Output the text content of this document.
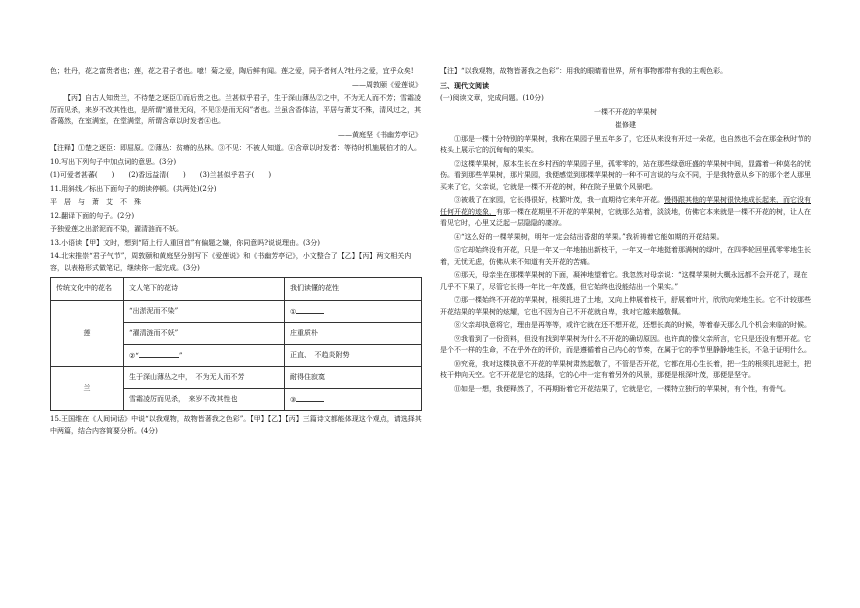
色；牡丹，花之富贵者也；莲，花之君子者也。噫！菊之爱，陶后鲜有闻。莲之爱，同予者何人?牡丹之爱，宜乎众矣!

——周敦颐《爱莲说》

【丙】自古人知贵兰，不待楚之逐臣①而后贵之也。兰甚似乎君子，生于深山薄丛②之中，不为无人而不芳；雪霜凌厉而见杀，来岁不改其性也，是所谓“遁世无闷，不见③是而无闷”者也。兰虽含香体洁，平居与萧艾不殊，清风过之，其香蔼然，在室满室，在堂满堂，所谓含章以时发者④也。

——黄庭坚《书幽芳亭记》

【注释】①楚之逐臣：即屈原。②薄丛：贫瘠的丛林。③不见：不被人知道。④含章以时发者：等待时机施展伯才的人。

10.写出下列句子中加点词的意思。(3分)

(1)可爱者甚蕃(　　)　　(2)香远益清(　　)　　(3)兰甚似乎君子(　　)

11.用斜线／标出下面句子的朗读停顿。(共两处)(2分)

平　居　与　萧　艾　不　殊

12.翻译下面的句子。(2分)

予独爱莲之出淤泥而不染，濯清涟而不妖。

13.小语读【甲】文时，想到“陌上行人重回首”有偏题之嫌，你同意吗?说说理由。(3分)

14.北宋推崇“君子气节”，周敦颐和黄庭坚分别写下《爱莲说》和《书幽芳亭记》，小文整合了【乙】【丙】两文相关内容，以表格形式做笔记，继续你一起完成。(3分)

传统文化中的花名	文人笔下的花诗	我们读懂的花性
莲	“出淤泥而不染”	①
	“濯清涟而不妖”	庄重质朴
	②“ ”	正直、　不趋炎附势
兰	生于深山薄丛之中，　不为无人而不芳	耐得住寂寞
	雪霜凌厉而见杀，　来岁不改其性也	③

15.王国维在《人间词话》中说“以我观物，故物皆著我之色彩”。【甲】【乙】【丙】三篇诗文都能体现这个观点，请选择其中两篇，结合内容简要分析。(4分)

【注】“以我观物，故物皆著我之色彩”：用我的眼睛看世界，所有事物都带有我的主观色彩。

三、现代文阅读

(一)阅读文章，完成问题。(10分)

一棵不开花的苹果树

崔修建

①那是一棵十分特别的苹果树，我称在果园子里五年多了，它还从来没有开过一朵花，也自然也不会在那金秋时节的枝头上展示它的沉甸甸的果实。

②这棵苹果树，原本生长在乡村西的苹果园子里，孤零零的，站在那些绿意旺盛的苹果树中间，显露着一种莫名的忧伤。看到那些苹果树，那片果园，我便感觉到那棵苹果树的一种不可言说的与众不同，于是我特意从乡下的那个老人那里买来了它，父亲说，它就是一棵不开花的树，种在院子里做个风景吧。

③被栽了在家园，它长得很好，枝繁叶茂，我一直期待它来年开花。慢得跟其他的苹果树很快地成长起来，而它没有任何开花的迹象，有那一棵在花期里不开花的苹果树，它就那么站着，淡淡地，仿佛它本来就是一棵不开花的树，让人在看见它时，心里又泛起一层隐隐的凄凉。

④“这么好的一棵苹果树，明年一定会结出香甜的苹果。”我祈祷着它能如期的开花结果。

⑤它却始终没有开花，只是一年又一年地抽出新枝干，一年又一年地挺着那满树的绿叶，在四季轮回里孤零零地生长着，无忧无虑，仿佛从来不知道有关开花的苦痛。

⑥那天，母亲坐在那棵苹果树的下面，凝神地望着它。我忽然对母亲说：“这棵苹果树大概永远都不会开花了，现在几乎不下果了，尽管它长得一年比一年茂盛，但它始终也没能结出一个果实。”

⑦那一棵始终不开花的苹果树，根须扎进了土地，又向上伸展着枝干，舒展着叶片，欣欣向荣地生长。它不计较那些开花结果的苹果树的炫耀，它也不因为自己不开花就自卑，我对它越来越敬佩。

⑧父亲却执意将它，理由是再等等，或许它就在还不想开花，还想长高的时候，等着春天那么几个机会来临的时候。

⑨我看到了一份资料，但没有找到苹果树为什么不开花的确切原因。也许真的像父亲所言，它只是还没有想开花。它是个不一样的生命，不在乎外在的评价，而是遵循着自己内心的节奏，在属于它的季节里静静地生长，不急于证明什么。

⑩究竟，我对这棵执意不开花的苹果树肃然起敬了，不管是否开花，它都在用心生长着，把一生的根须扎进泥土，把枝干伸向天空。它不开花是它的选择，它的心中一定有着另外的风景，那便是根深叶茂，那便是坚守。

⑪如是一想，我便释然了，不再期盼着它开花结果了，它就是它，一棵特立独行的苹果树，有个性，有骨气。
